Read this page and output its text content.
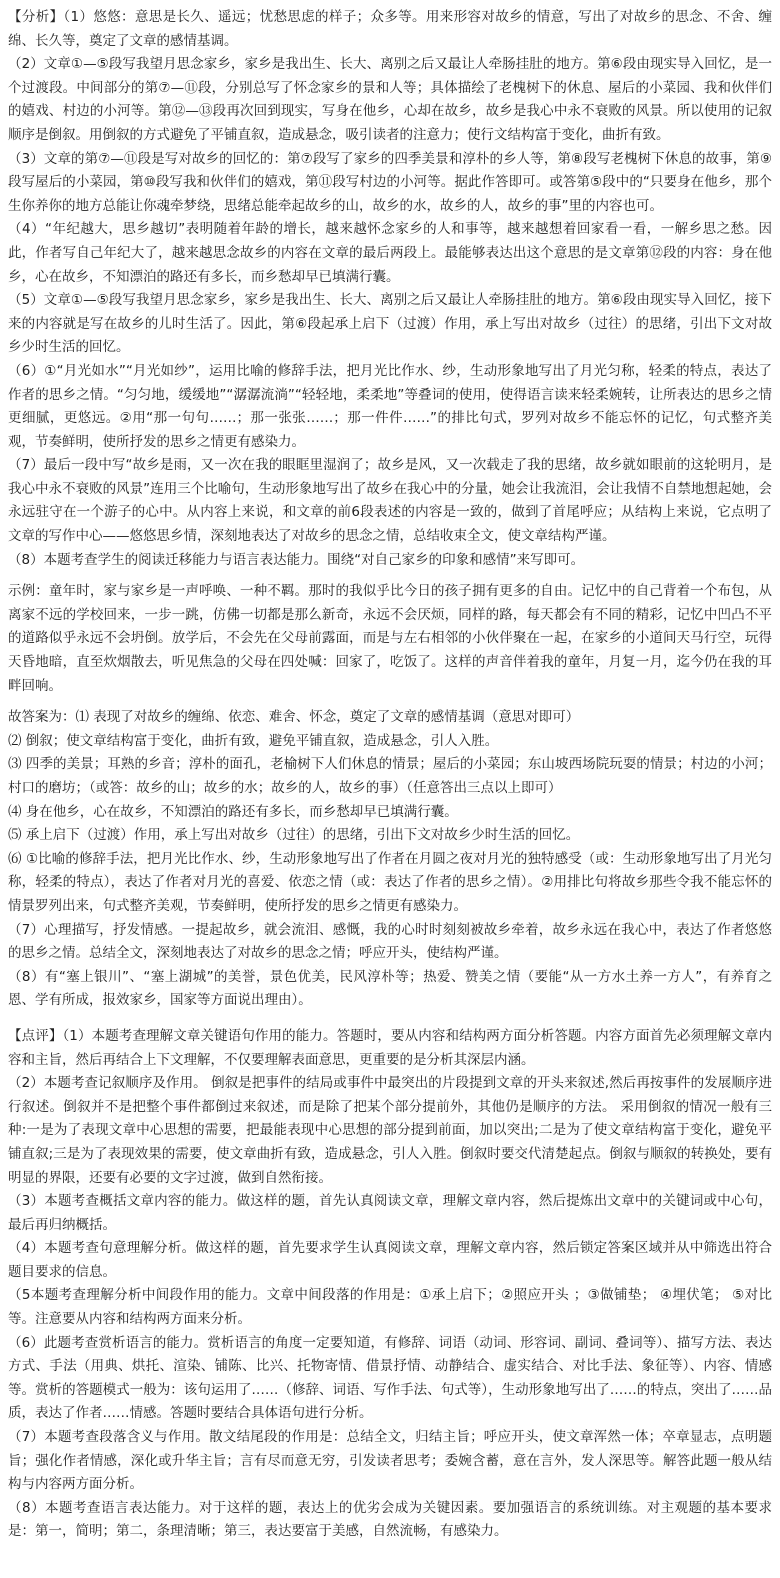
【分析】（1）悠悠：意思是长久、遥远；忧愁思虑的样子；众多等。用来形容对故乡的情意，写出了对故乡的思念、不舍、缠绵、长久等，奠定了文章的感情基调。

（2）文章①—⑤段写我望月思念家乡，家乡是我出生、长大、离别之后又最让人牵肠挂肚的地方。第⑥段由现实导入回忆，是一个过渡段。中间部分的第⑦—⑪段，分别总写了怀念家乡的景和人等；具体描绘了老槐树下的休息、屋后的小菜园、我和伙伴们的嬉戏、村边的小河等。第⑫—⑬段再次回到现实，写身在他乡，心却在故乡，故乡是我心中永不衰败的风景。所以使用的记叙顺序是倒叙。用倒叙的方式避免了平铺直叙，造成悬念，吸引读者的注意力；使行文结构富于变化，曲折有致。

（3）文章的第⑦—⑪段是写对故乡的回忆的：第⑦段写了家乡的四季美景和淳朴的乡人等，第⑧段写老槐树下休息的故事，第⑨段写屋后的小菜园，第⑩段写我和伙伴们的嬉戏，第⑪段写村边的小河等。据此作答即可。或答第⑤段中的“只要身在他乡，那个生你养你的地方总能让你魂牵梦绕，思绪总能牵起故乡的山，故乡的水，故乡的人，故乡的事”里的内容也可。

（4）“年纪越大，思乡越切”表明随着年龄的增长，越来越怀念家乡的人和事等，越来越想着回家看一看，一解乡思之愁。因此，作者写自己年纪大了，越来越思念故乡的内容在文章的最后两段上。最能够表达出这个意思的是文章第⑫段的内容：身在他乡，心在故乡，不知漂泊的路还有多长，而乡愁却早已填满行囊。

（5）文章①—⑤段写我望月思念家乡，家乡是我出生、长大、离别之后又最让人牵肠挂肚的地方。第⑥段由现实导入回忆，接下来的内容就是写在故乡的儿时生活了。因此，第⑥段起承上启下（过渡）作用，承上写出对故乡（过往）的思绪，引出下文对故乡少时生活的回忆。

（6）①“月光如水”“月光如纱”，运用比喻的修辞手法，把月光比作水、纱，生动形象地写出了月光匀称，轻柔的特点，表达了作者的思乡之情。“匀匀地，缓缓地”“潺潺流淌”“轻轻地，柔柔地”等叠词的使用，使得语言读来轻柔婉转，让所表达的思乡之情更细腻，更悠远。②用“那一句句……；那一张张……；那一件件……”的排比句式，罗列对故乡不能忘怀的记忆，句式整齐美观，节奏鲜明，使所抒发的思乡之情更有感染力。

（7）最后一段中写“故乡是雨，又一次在我的眼眶里湿润了；故乡是风，又一次载走了我的思绪，故乡就如眼前的这轮明月，是我心中永不衰败的风景”连用三个比喻句，生动形象地写出了故乡在我心中的分量，她会让我流泪，会让我情不自禁地想起她，会永远驻守在一个游子的心中。从内容上来说，和文章的前6段表述的内容是一致的，做到了首尾呼应；从结构上来说，它点明了文章的写作中心——悠悠思乡情，深刻地表达了对故乡的思念之情，总结收束全文，使文章结构严谨。

（8）本题考查学生的阅读迁移能力与语言表达能力。围绕“对自己家乡的印象和感情”来写即可。

示例：童年时，家与家乡是一声呼唤、一种不羁。那时的我似乎比今日的孩子拥有更多的自由。记忆中的自己背着一个布包，从离家不远的学校回来，一步一跳，仿佛一切都是那么新奇，永远不会厌烦，同样的路，每天都会有不同的精彩，记忆中凹凸不平的道路似乎永远不会坍倒。放学后，不会先在父母前露面，而是与左右相邻的小伙伴聚在一起，在家乡的小道间天马行空，玩得天昏地暗，直至炊烟散去，听见焦急的父母在四处喊：回家了，吃饭了。这样的声音伴着我的童年，月复一月，迄今仍在我的耳畔回响。

故答案为：⑴ 表现了对故乡的缠绵、依恋、难舍、怀念，奠定了文章的感情基调（意思对即可）

⑵ 倒叙；使文章结构富于变化，曲折有致，避免平铺直叙，造成悬念，引人入胜。

⑶ 四季的美景；耳熟的乡音；淳朴的面孔，老榆树下人们休息的情景；屋后的小菜园；东山坡西场院玩耍的情景；村边的小河；村口的磨坊；（或答：故乡的山；故乡的水；故乡的人，故乡的事）（任意答出三点以上即可）

⑷ 身在他乡，心在故乡，不知漂泊的路还有多长，而乡愁却早已填满行囊。

⑸ 承上启下（过渡）作用，承上写出对故乡（过往）的思绪，引出下文对故乡少时生活的回忆。

⑹ ①比喻的修辞手法，把月光比作水、纱，生动形象地写出了作者在月圆之夜对月光的独特感受（或：生动形象地写出了月光匀称，轻柔的特点），表达了作者对月光的喜爱、依恋之情（或：表达了作者的思乡之情）。②用排比句将故乡那些令我不能忘怀的情景罗列出来，句式整齐美观，节奏鲜明，使所抒发的思乡之情更有感染力。

（7）心理描写，抒发情感。一提起故乡，就会流泪、感慨，我的心时时刻刻被故乡牵着，故乡永远在我心中，表达了作者悠悠的思乡之情。总结全文，深刻地表达了对故乡的思念之情；呼应开头，使结构严谨。

（8）有“塞上银川”、“塞上湖城”的美誉，景色优美，民风淳朴等；热爱、赞美之情（要能“从一方水土养一方人”，有养育之恩、学有所成，报效家乡，国家等方面说出理由）。

【点评】（1）本题考查理解文章关键语句作用的能力。答题时，要从内容和结构两方面分析答题。内容方面首先必须理解文章内容和主旨，然后再结合上下文理解，不仅要理解表面意思，更重要的是分析其深层内涵。

（2）本题考查记叙顺序及作用。 倒叙是把事件的结局或事件中最突出的片段提到文章的开头来叙述,然后再按事件的发展顺序进行叙述。倒叙并不是把整个事件都倒过来叙述，而是除了把某个部分提前外，其他仍是顺序的方法。 采用倒叙的情况一般有三种:一是为了表现文章中心思想的需要，把最能表现中心思想的部分提到前面，加以突出;二是为了使文章结构富于变化，避免平铺直叙;三是为了表现效果的需要，使文章曲折有致，造成悬念，引人入胜。倒叙时要交代清楚起点。倒叙与顺叙的转换处，要有明显的界限，还要有必要的文字过渡，做到自然衔接。

（3）本题考查概括文章内容的能力。做这样的题，首先认真阅读文章，理解文章内容，然后提炼出文章中的关键词或中心句，最后再归纳概括。

（4）本题考查句意理解分析。做这样的题，首先要求学生认真阅读文章，理解文章内容，然后锁定答案区域并从中筛选出符合题目要求的信息。

（5本题考查理解分析中间段作用的能力。文章中间段落的作用是：①承上启下；②照应开头 ；③做铺垫； ④埋伏笔； ⑤对比等。注意要从内容和结构两方面来分析。

（6）此题考查赏析语言的能力。赏析语言的角度一定要知道，有修辞、词语（动词、形容词、副词、叠词等）、描写方法、表达方式、手法（用典、烘托、渲染、铺陈、比兴、托物寄情、借景抒情、动静结合、虚实结合、对比手法、象征等）、内容、情感等。赏析的答题模式一般为：该句运用了……（修辞、词语、写作手法、句式等），生动形象地写出了……的特点，突出了……品质，表达了作者……情感。答题时要结合具体语句进行分析。

（7）本题考查段落含义与作用。散文结尾段的作用是：总结全文，归结主旨；呼应开头，使文章浑然一体；卒章显志，点明题旨；强化作者情感，深化或升华主旨；言有尽而意无穷，引发读者思考；委婉含蓄，意在言外，发人深思等。解答此题一般从结构与内容两方面分析。

（8）本题考查语言表达能力。对于这样的题，表达上的优劣会成为关键因素。要加强语言的系统训练。对主观题的基本要求是：第一，简明；第二，条理清晰；第三，表达要富于美感，自然流畅，有感染力。
